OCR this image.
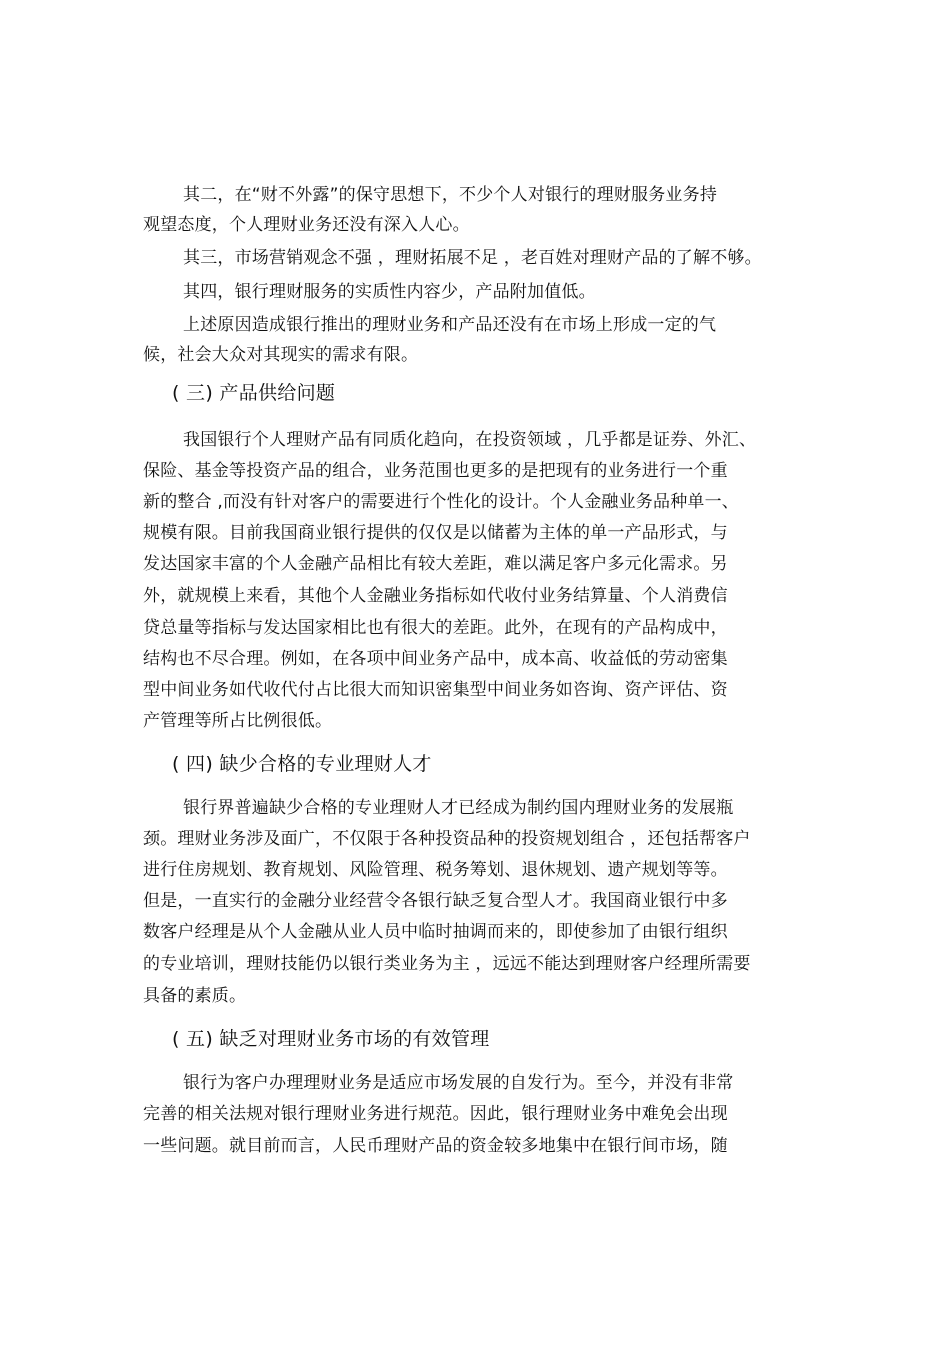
其二，在“财不外露”的保守思想下，不少个人对银行的理财服务业务持
观望态度，个人理财业务还没有深入人心。
其三，市场营销观念不强 ，理财拓展不足 ，老百姓对理财产品的了解不够。
其四，银行理财服务的实质性内容少，产品附加值低。
上述原因造成银行推出的理财业务和产品还没有在市场上形成一定的气
候，社会大众对其现实的需求有限。
( 三) 产品供给问题
我国银行个人理财产品有同质化趋向，在投资领域 ，几乎都是证券、外汇、
保险、基金等投资产品的组合，业务范围也更多的是把现有的业务进行一个重
新的整合 ,而没有针对客户的需要进行个性化的设计。个人金融业务品种单一、
规模有限。目前我国商业银行提供的仅仅是以储蓄为主体的单一产品形式，与
发达国家丰富的个人金融产品相比有较大差距，难以满足客户多元化需求。另
外，就规模上来看，其他个人金融业务指标如代收付业务结算量、个人消费信
贷总量等指标与发达国家相比也有很大的差距。此外，在现有的产品构成中，
结构也不尽合理。例如，在各项中间业务产品中，成本高、收益低的劳动密集
型中间业务如代收代付占比很大而知识密集型中间业务如咨询、资产评估、资
产管理等所占比例很低。
( 四) 缺少合格的专业理财人才
银行界普遍缺少合格的专业理财人才已经成为制约国内理财业务的发展瓶
颈。理财业务涉及面广，不仅限于各种投资品种的投资规划组合 ，还包括帮客户
进行住房规划、教育规划、风险管理、税务筹划、退休规划、遗产规划等等。
但是，一直实行的金融分业经营令各银行缺乏复合型人才。我国商业银行中多
数客户经理是从个人金融从业人员中临时抽调而来的，即使参加了由银行组织
的专业培训，理财技能仍以银行类业务为主 ，远远不能达到理财客户经理所需要
具备的素质。
( 五) 缺乏对理财业务市场的有效管理
银行为客户办理理财业务是适应市场发展的自发行为。至今，并没有非常
完善的相关法规对银行理财业务进行规范。因此，银行理财业务中难免会出现
一些问题。就目前而言，人民币理财产品的资金较多地集中在银行间市场，随
